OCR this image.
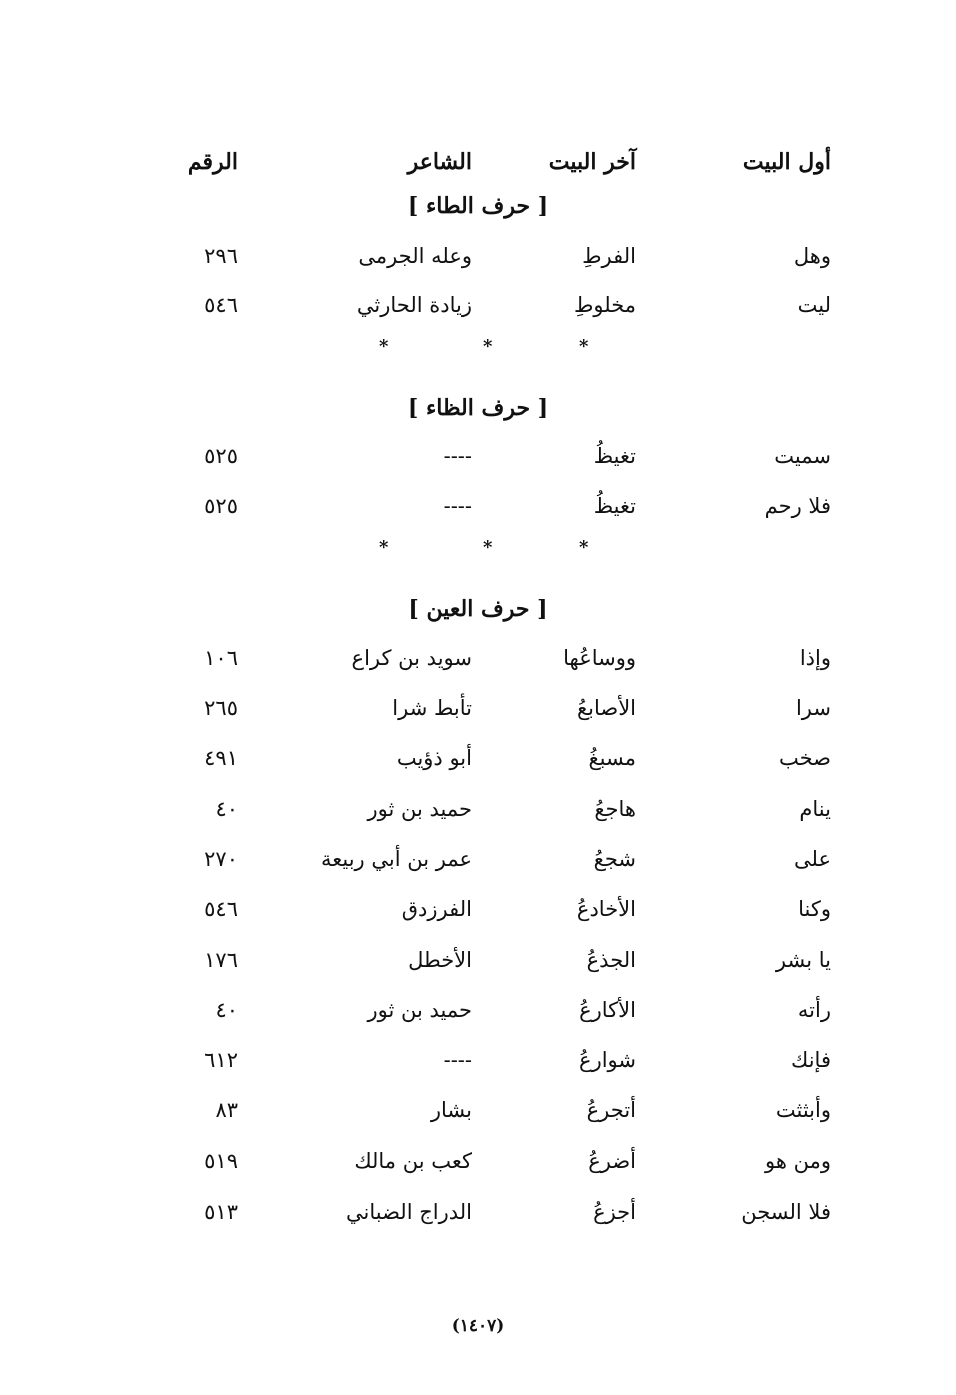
أول البيت
آخر البيت
الشاعر
الرقم
[ حرف الطاء ]
وهل
الفرطِ
وعله الجرمى
٢٩٦
ليت
مخلوطِ
زيادة الحارثي
٥٤٦
*
*
*
[ حرف الظاء ]
سميت
تغيظُ
----
٥٢٥
فلا رحم
تغيظُ
----
٥٢٥
*
*
*
[ حرف العين ]
وإذا
ووساعُها
سويد بن كراع
١٠٦
سرا
الأصابعُ
تأبط شرا
٢٦٥
صخب
مسبغُ
أبو ذؤيب
٤٩١
ينام
هاجعُ
حميد بن ثور
٤٠
على
شجعُ
عمر بن أبي ربيعة
٢٧٠
وكنا
الأخادعُ
الفرزدق
٥٤٦
يا بشر
الجذعُ
الأخطل
١٧٦
رأته
الأكارعُ
حميد بن ثور
٤٠
فإنك
شوارعُ
----
٦١٢
وأبثثت
أتجرعُ
بشار
٨٣
ومن هو
أضرعُ
كعب بن مالك
٥١٩
فلا السجن
أجزعُ
الدراج الضباني
٥١٣
(١٤٠٧)
